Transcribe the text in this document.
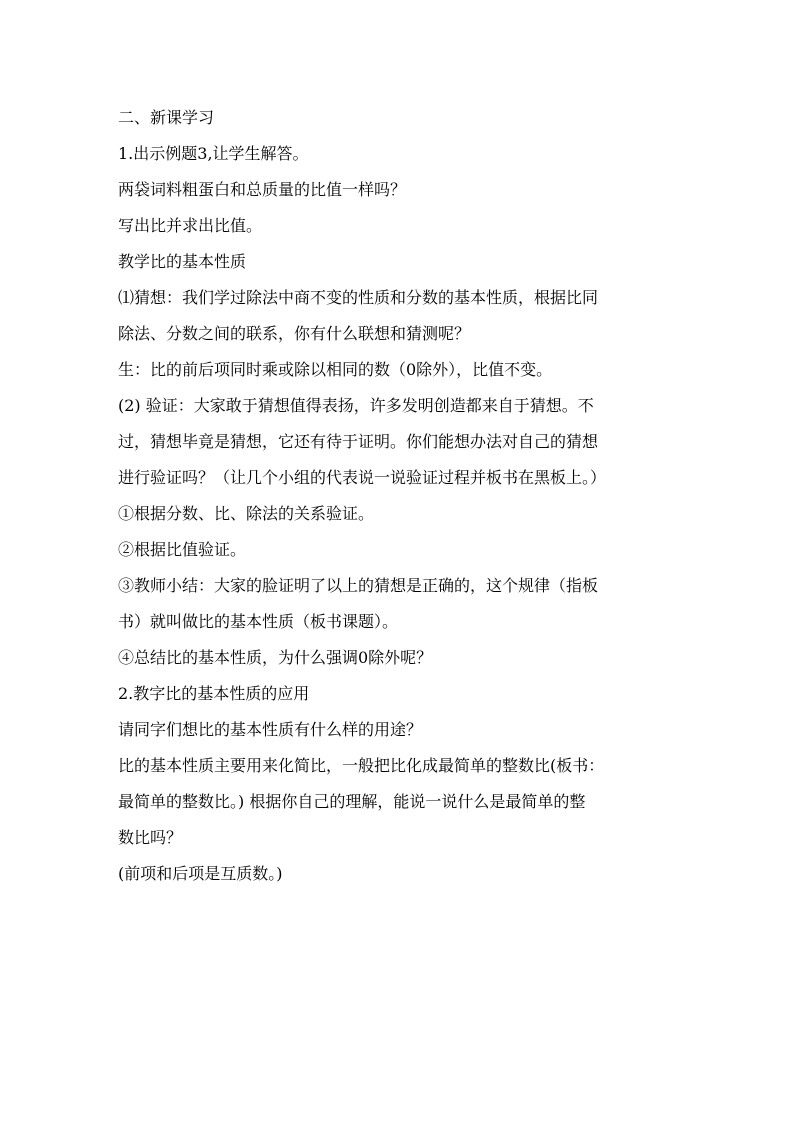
二、新课学习

1.出示例题3,让学生解答。

两袋词料粗蛋白和总质量的比值一样吗？

写出比并求出比值。

教学比的基本性质

⑴猜想：我们学过除法中商不变的性质和分数的基本性质，根据比同

除法、分数之间的联系，你有什么联想和猜测呢？

生：比的前后项同时乘或除以相同的数（0除外），比值不变。

(2) 验证：大家敢于猜想值得表扬，许多发明创造都来自于猜想。不

过，猜想毕竟是猜想，它还有待于证明。你们能想办法对自己的猜想

进行验证吗？（让几个小组的代表说一说验证过程并板书在黑板上。）

①根据分数、比、除法的关系验证。

②根据比值验证。

③教师小结：大家的脸证明了以上的猜想是正确的，这个规律（指板

书）就叫做比的基本性质（板书课题）。

④总结比的基本性质，为什么强调0除外呢？

2.教字比的基本性质的应用

请同字们想比的基本性质有什么样的用途？

比的基本性质主要用来化简比，一般把比化成最简单的整数比(板书：

最简单的整数比。) 根据你自己的理解，能说一说什么是最简单的整

数比吗？

(前项和后项是互质数。)
